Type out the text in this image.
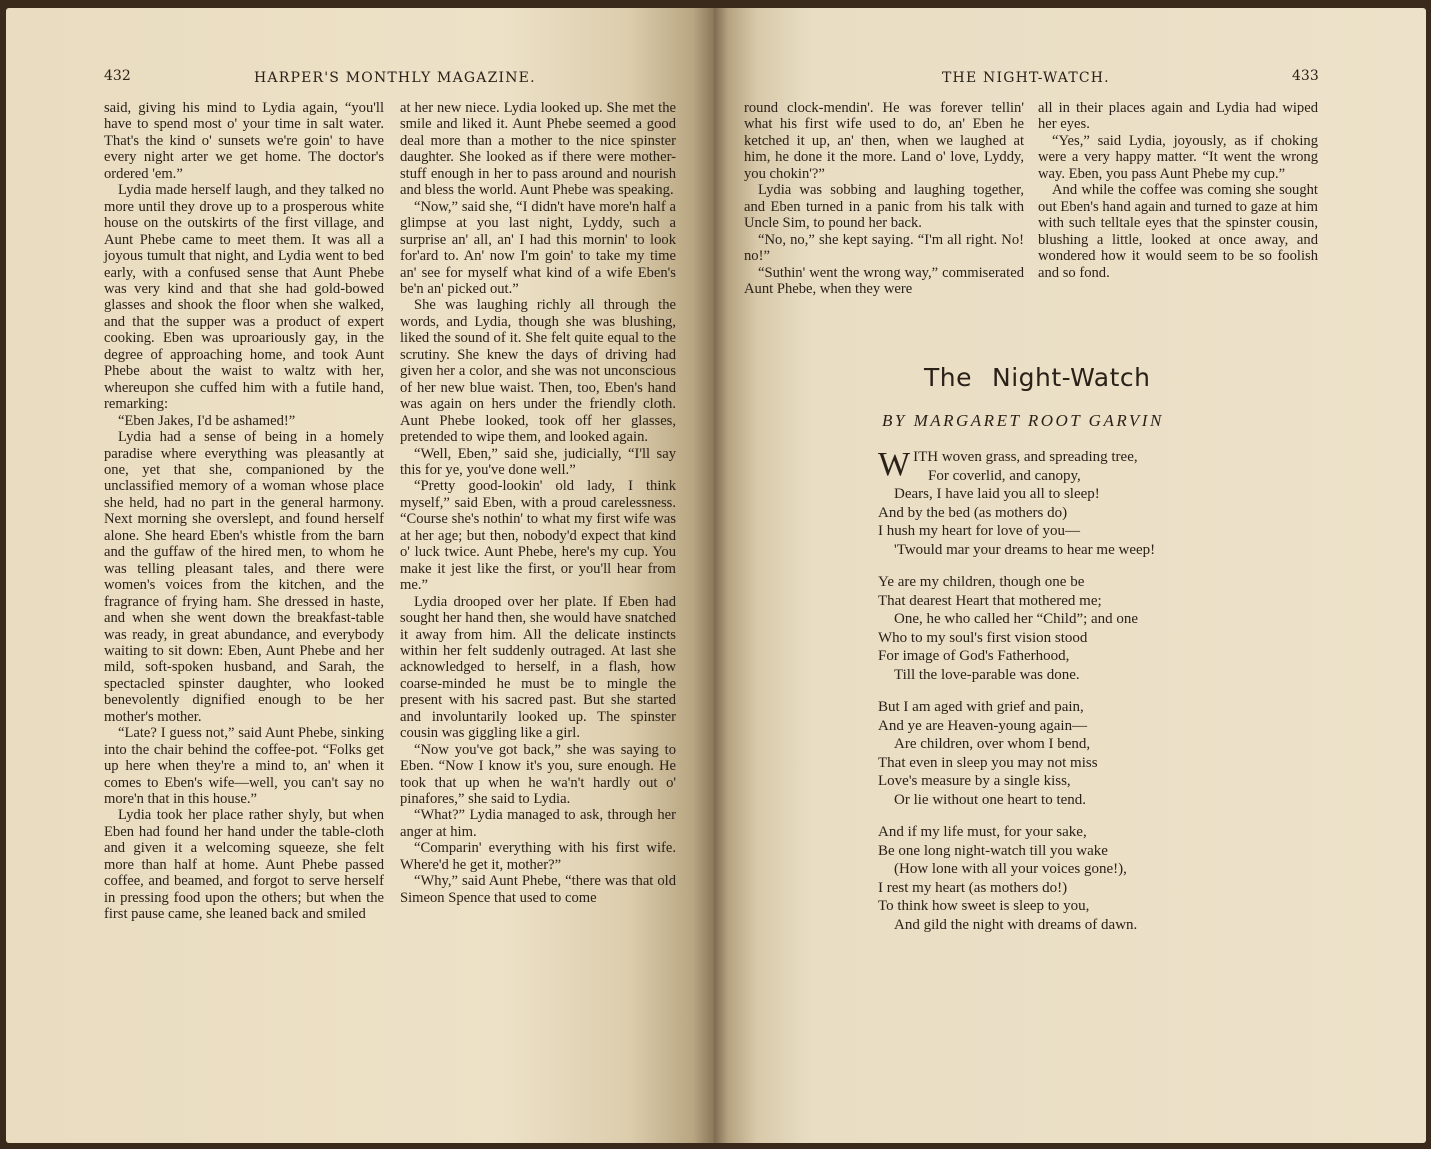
432	HARPER'S MONTHLY MAGAZINE.

said, giving his mind to Lydia again, “you'll have to spend most o' your time in salt water. That's the kind o' sunsets we're goin' to have every night arter we get home. The doctor's ordered 'em.”

Lydia made herself laugh, and they talked no more until they drove up to a prosperous white house on the outskirts of the first village, and Aunt Phebe came to meet them. It was all a joyous tumult that night, and Lydia went to bed early, with a confused sense that Aunt Phebe was very kind and that she had gold-bowed glasses and shook the floor when she walked, and that the supper was a product of expert cooking. Eben was uproariously gay, in the degree of approaching home, and took Aunt Phebe about the waist to waltz with her, whereupon she cuffed him with a futile hand, remarking:

“Eben Jakes, I'd be ashamed!”

Lydia had a sense of being in a homely paradise where everything was pleasantly at one, yet that she, companioned by the unclassified memory of a woman whose place she held, had no part in the general harmony. Next morning she overslept, and found herself alone. She heard Eben's whistle from the barn and the guffaw of the hired men, to whom he was telling pleasant tales, and there were women's voices from the kitchen, and the fragrance of frying ham. She dressed in haste, and when she went down the breakfast-table was ready, in great abundance, and everybody waiting to sit down: Eben, Aunt Phebe and her mild, soft-spoken husband, and Sarah, the spectacled spinster daughter, who looked benevolently dignified enough to be her mother's mother.

“Late? I guess not,” said Aunt Phebe, sinking into the chair behind the coffee-pot. “Folks get up here when they're a mind to, an' when it comes to Eben's wife—well, you can't say no more'n that in this house.”

Lydia took her place rather shyly, but when Eben had found her hand under the table-cloth and given it a welcoming squeeze, she felt more than half at home. Aunt Phebe passed coffee, and beamed, and forgot to serve herself in pressing food upon the others; but when the first pause came, she leaned back and smiled

at her new niece. Lydia looked up. She met the smile and liked it. Aunt Phebe seemed a good deal more than a mother to the nice spinster daughter. She looked as if there were mother-stuff enough in her to pass around and nourish and bless the world. Aunt Phebe was speaking.

“Now,” said she, “I didn't have more'n half a glimpse at you last night, Lyddy, such a surprise an' all, an' I had this mornin' to look for'ard to. An' now I'm goin' to take my time an' see for myself what kind of a wife Eben's be'n an' picked out.”

She was laughing richly all through the words, and Lydia, though she was blushing, liked the sound of it. She felt quite equal to the scrutiny. She knew the days of driving had given her a color, and she was not unconscious of her new blue waist. Then, too, Eben's hand was again on hers under the friendly cloth. Aunt Phebe looked, took off her glasses, pretended to wipe them, and looked again.

“Well, Eben,” said she, judicially, “I'll say this for ye, you've done well.”

“Pretty good-lookin' old lady, I think myself,” said Eben, with a proud carelessness. “Course she's nothin' to what my first wife was at her age; but then, nobody'd expect that kind o' luck twice. Aunt Phebe, here's my cup. You make it jest like the first, or you'll hear from me.”

Lydia drooped over her plate. If Eben had sought her hand then, she would have snatched it away from him. All the delicate instincts within her felt suddenly outraged. At last she acknowledged to herself, in a flash, how coarse-minded he must be to mingle the present with his sacred past. But she started and involuntarily looked up. The spinster cousin was giggling like a girl.

“Now you've got back,” she was saying to Eben. “Now I know it's you, sure enough. He took that up when he wa'n't hardly out o' pinafores,” she said to Lydia.

“What?” Lydia managed to ask, through her anger at him.

“Comparin' everything with his first wife. Where'd he get it, mother?”

“Why,” said Aunt Phebe, “there was that old Simeon Spence that used to come

THE NIGHT-WATCH.	433

round clock-mendin'. He was forever tellin' what his first wife used to do, an' Eben he ketched it up, an' then, when we laughed at him, he done it the more. Land o' love, Lyddy, you chokin'?”

Lydia was sobbing and laughing together, and Eben turned in a panic from his talk with Uncle Sim, to pound her back.

“No, no,” she kept saying. “I'm all right. No! no!”

“Suthin' went the wrong way,” commiserated Aunt Phebe, when they were

all in their places again and Lydia had wiped her eyes.

“Yes,” said Lydia, joyously, as if choking were a very happy matter. “It went the wrong way. Eben, you pass Aunt Phebe my cup.”

And while the coffee was coming she sought out Eben's hand again and turned to gaze at him with such telltale eyes that the spinster cousin, blushing a little, looked at once away, and wondered how it would seem to be so foolish and so fond.

The Night-Watch
BY MARGARET ROOT GARVIN
WITH woven grass, and spreading tree,
For coverlid, and canopy,
Dears, I have laid you all to sleep!
And by the bed (as mothers do)
I hush my heart for love of you—
'Twould mar your dreams to hear me weep!
Ye are my children, though one be
That dearest Heart that mothered me;
One, he who called her “Child”; and one
Who to my soul's first vision stood
For image of God's Fatherhood,
Till the love-parable was done.
But I am aged with grief and pain,
And ye are Heaven-young again—
Are children, over whom I bend,
That even in sleep you may not miss
Love's measure by a single kiss,
Or lie without one heart to tend.
And if my life must, for your sake,
Be one long night-watch till you wake
(How lone with all your voices gone!),
I rest my heart (as mothers do!)
To think how sweet is sleep to you,
And gild the night with dreams of dawn.
